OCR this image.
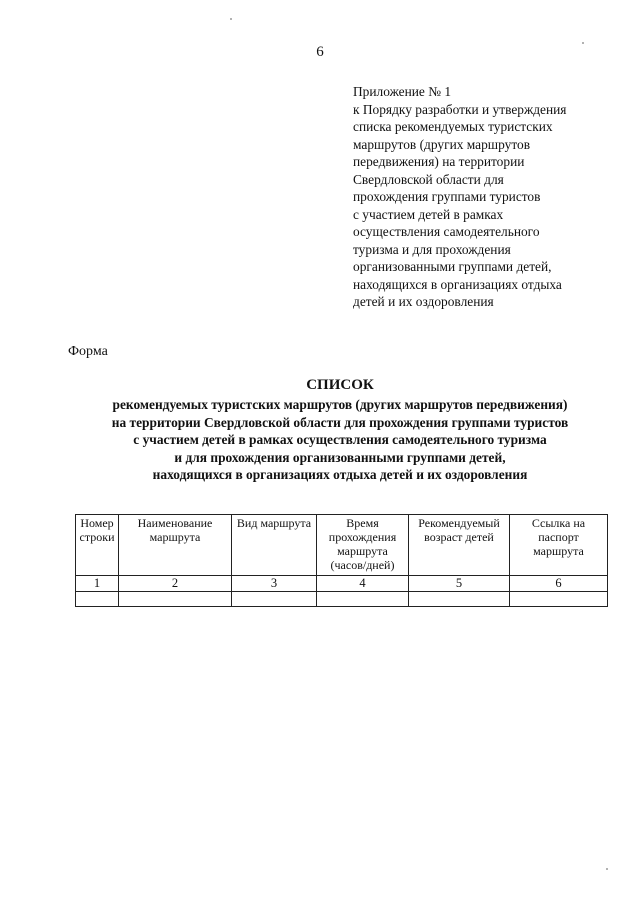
6
Приложение № 1
к Порядку разработки и утверждения
списка рекомендуемых туристских
маршрутов (других маршрутов
передвижения) на территории
Свердловской области для
прохождения группами туристов
с участием детей в рамках
осуществления самодеятельного
туризма и для прохождения
организованными группами детей,
находящихся в организациях отдыха
детей и их оздоровления
Форма
СПИСОК
рекомендуемых туристских маршрутов (других маршрутов передвижения)
на территории Свердловской области для прохождения группами туристов
с участием детей в рамках осуществления самодеятельного туризма
и для прохождения организованными группами детей,
находящихся в организациях отдыха детей и их оздоровления
Номер строки	Наименование маршрута	Вид маршрута	Время прохождения маршрута (часов/дней)	Рекомендуемый возраст детей	Ссылка на паспорт маршрута
1	2	3	4	5	6
